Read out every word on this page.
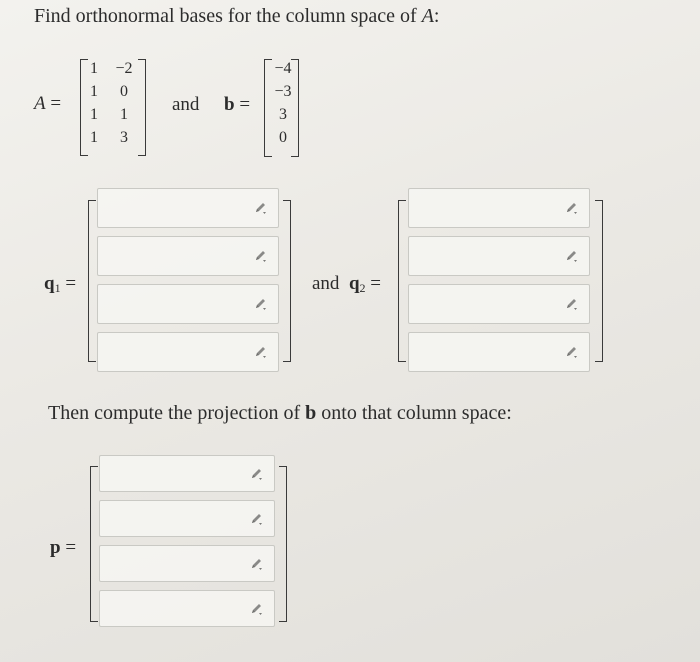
Find orthonormal bases for the column space of A:
A =
1	−2
1	0
1	1
1	3
and b =
−4
−3
3
0
$q_1$ =	and $q_2$ =
Then compute the projection of b onto that column space:
p =
